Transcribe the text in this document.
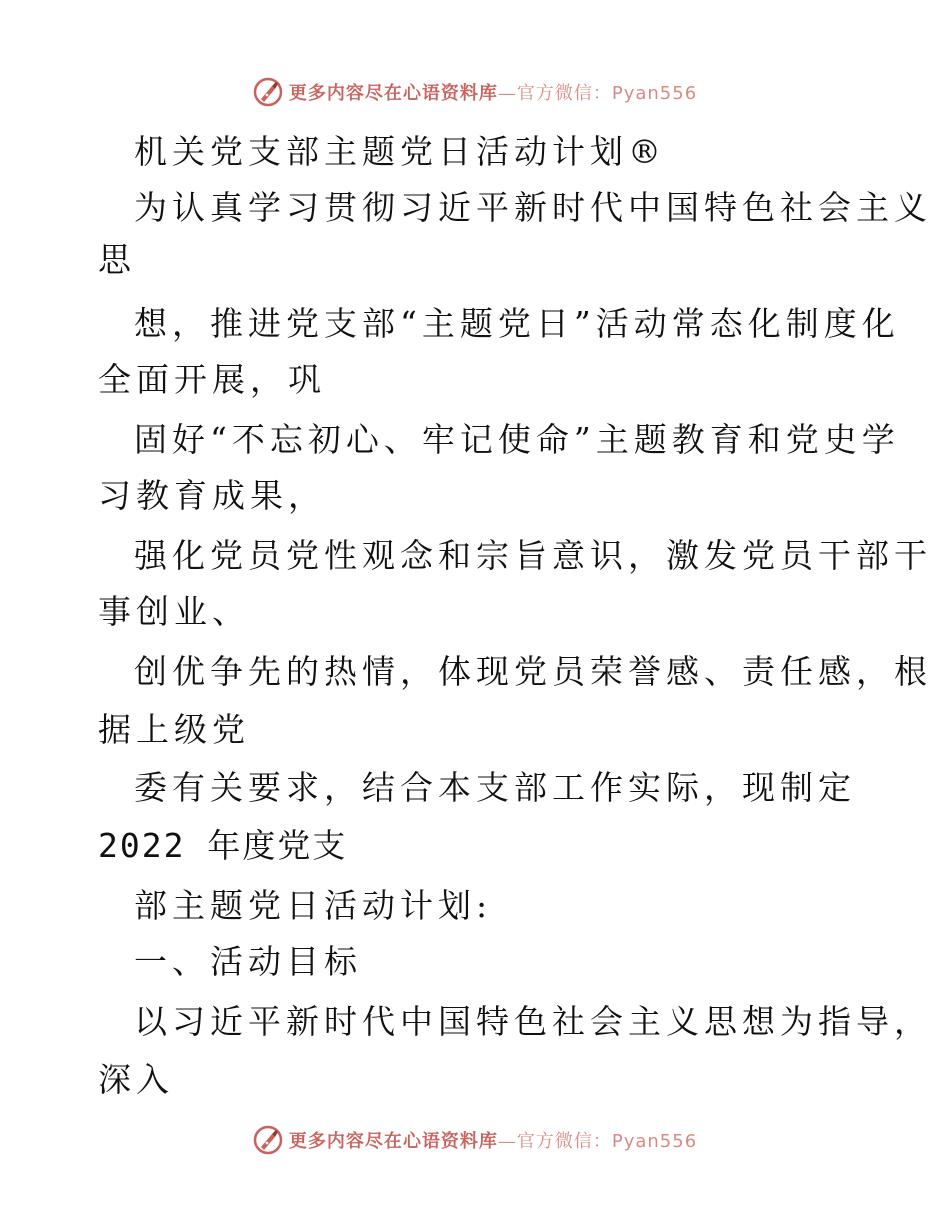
更多内容尽在心语资料库—官方微信：Pyan556
机关党支部主题党日活动计划®
为认真学习贯彻习近平新时代中国特色社会主义
思
想，推进党支部“主题党日”活动常态化制度化
全面开展，巩
固好“不忘初心、牢记使命”主题教育和党史学
习教育成果，
强化党员党性观念和宗旨意识，激发党员干部干
事创业、
创优争先的热情，体现党员荣誉感、责任感，根
据上级党
委有关要求，结合本支部工作实际，现制定
2022 年度党支
部主题党日活动计划:
一、活动目标
以习近平新时代中国特色社会主义思想为指导，
深入
更多内容尽在心语资料库—官方微信：Pyan556
